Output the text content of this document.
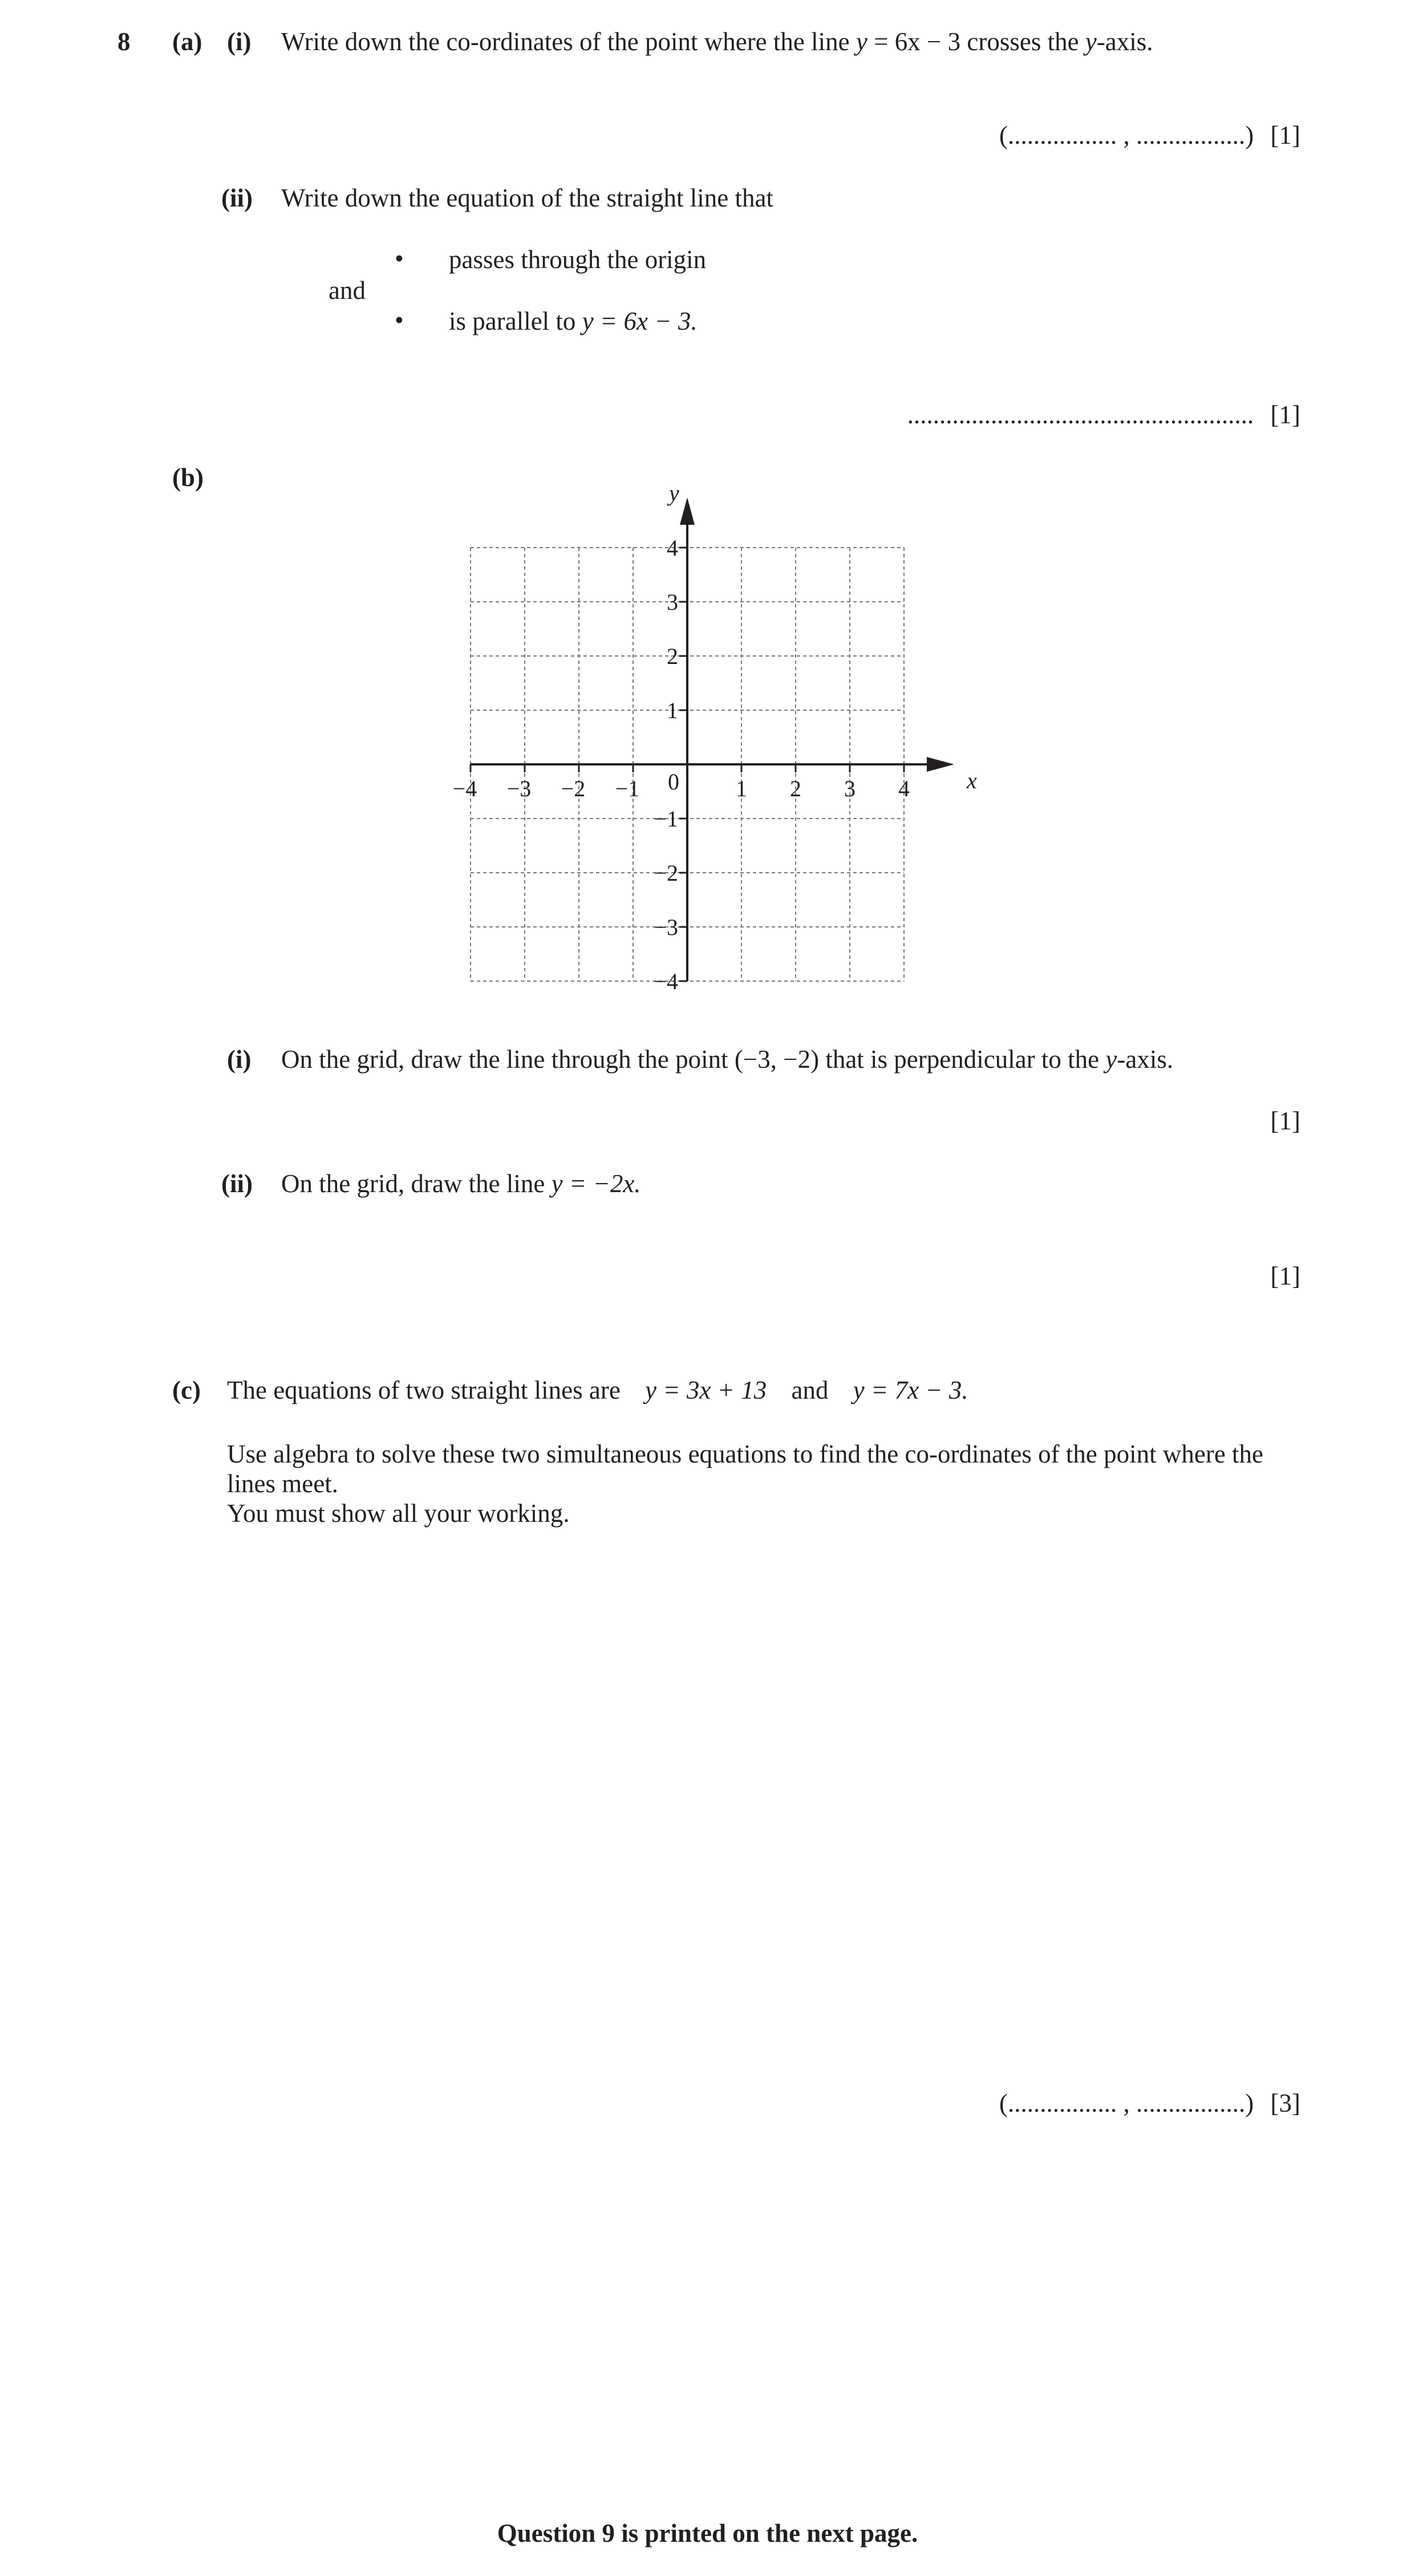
8 (a) (i) Write down the co-ordinates of the point where the line y = 6x − 3 crosses the y-axis.
(................. , .................) [1]
(ii) Write down the equation of the straight line that
• passes through the origin
and
• is parallel to y = 6x − 3.
...................................................... [1]
(b)
−4 −3 −2 −1	1 2 3 4
4
3
2
1
−1
−2
−3
−4
0	x
y
(i) On the grid, draw the line through the point (−3, −2) that is perpendicular to the y-axis.
[1]
(ii) On the grid, draw the line y = −2x.
[1]
(c) The equations of two straight lines are y = 3x + 13 and y = 7x − 3.
Use algebra to solve these two simultaneous equations to find the co-ordinates of the point where the
lines meet.
You must show all your working.
(................. , .................) [3]
Question 9 is printed on the next page.
